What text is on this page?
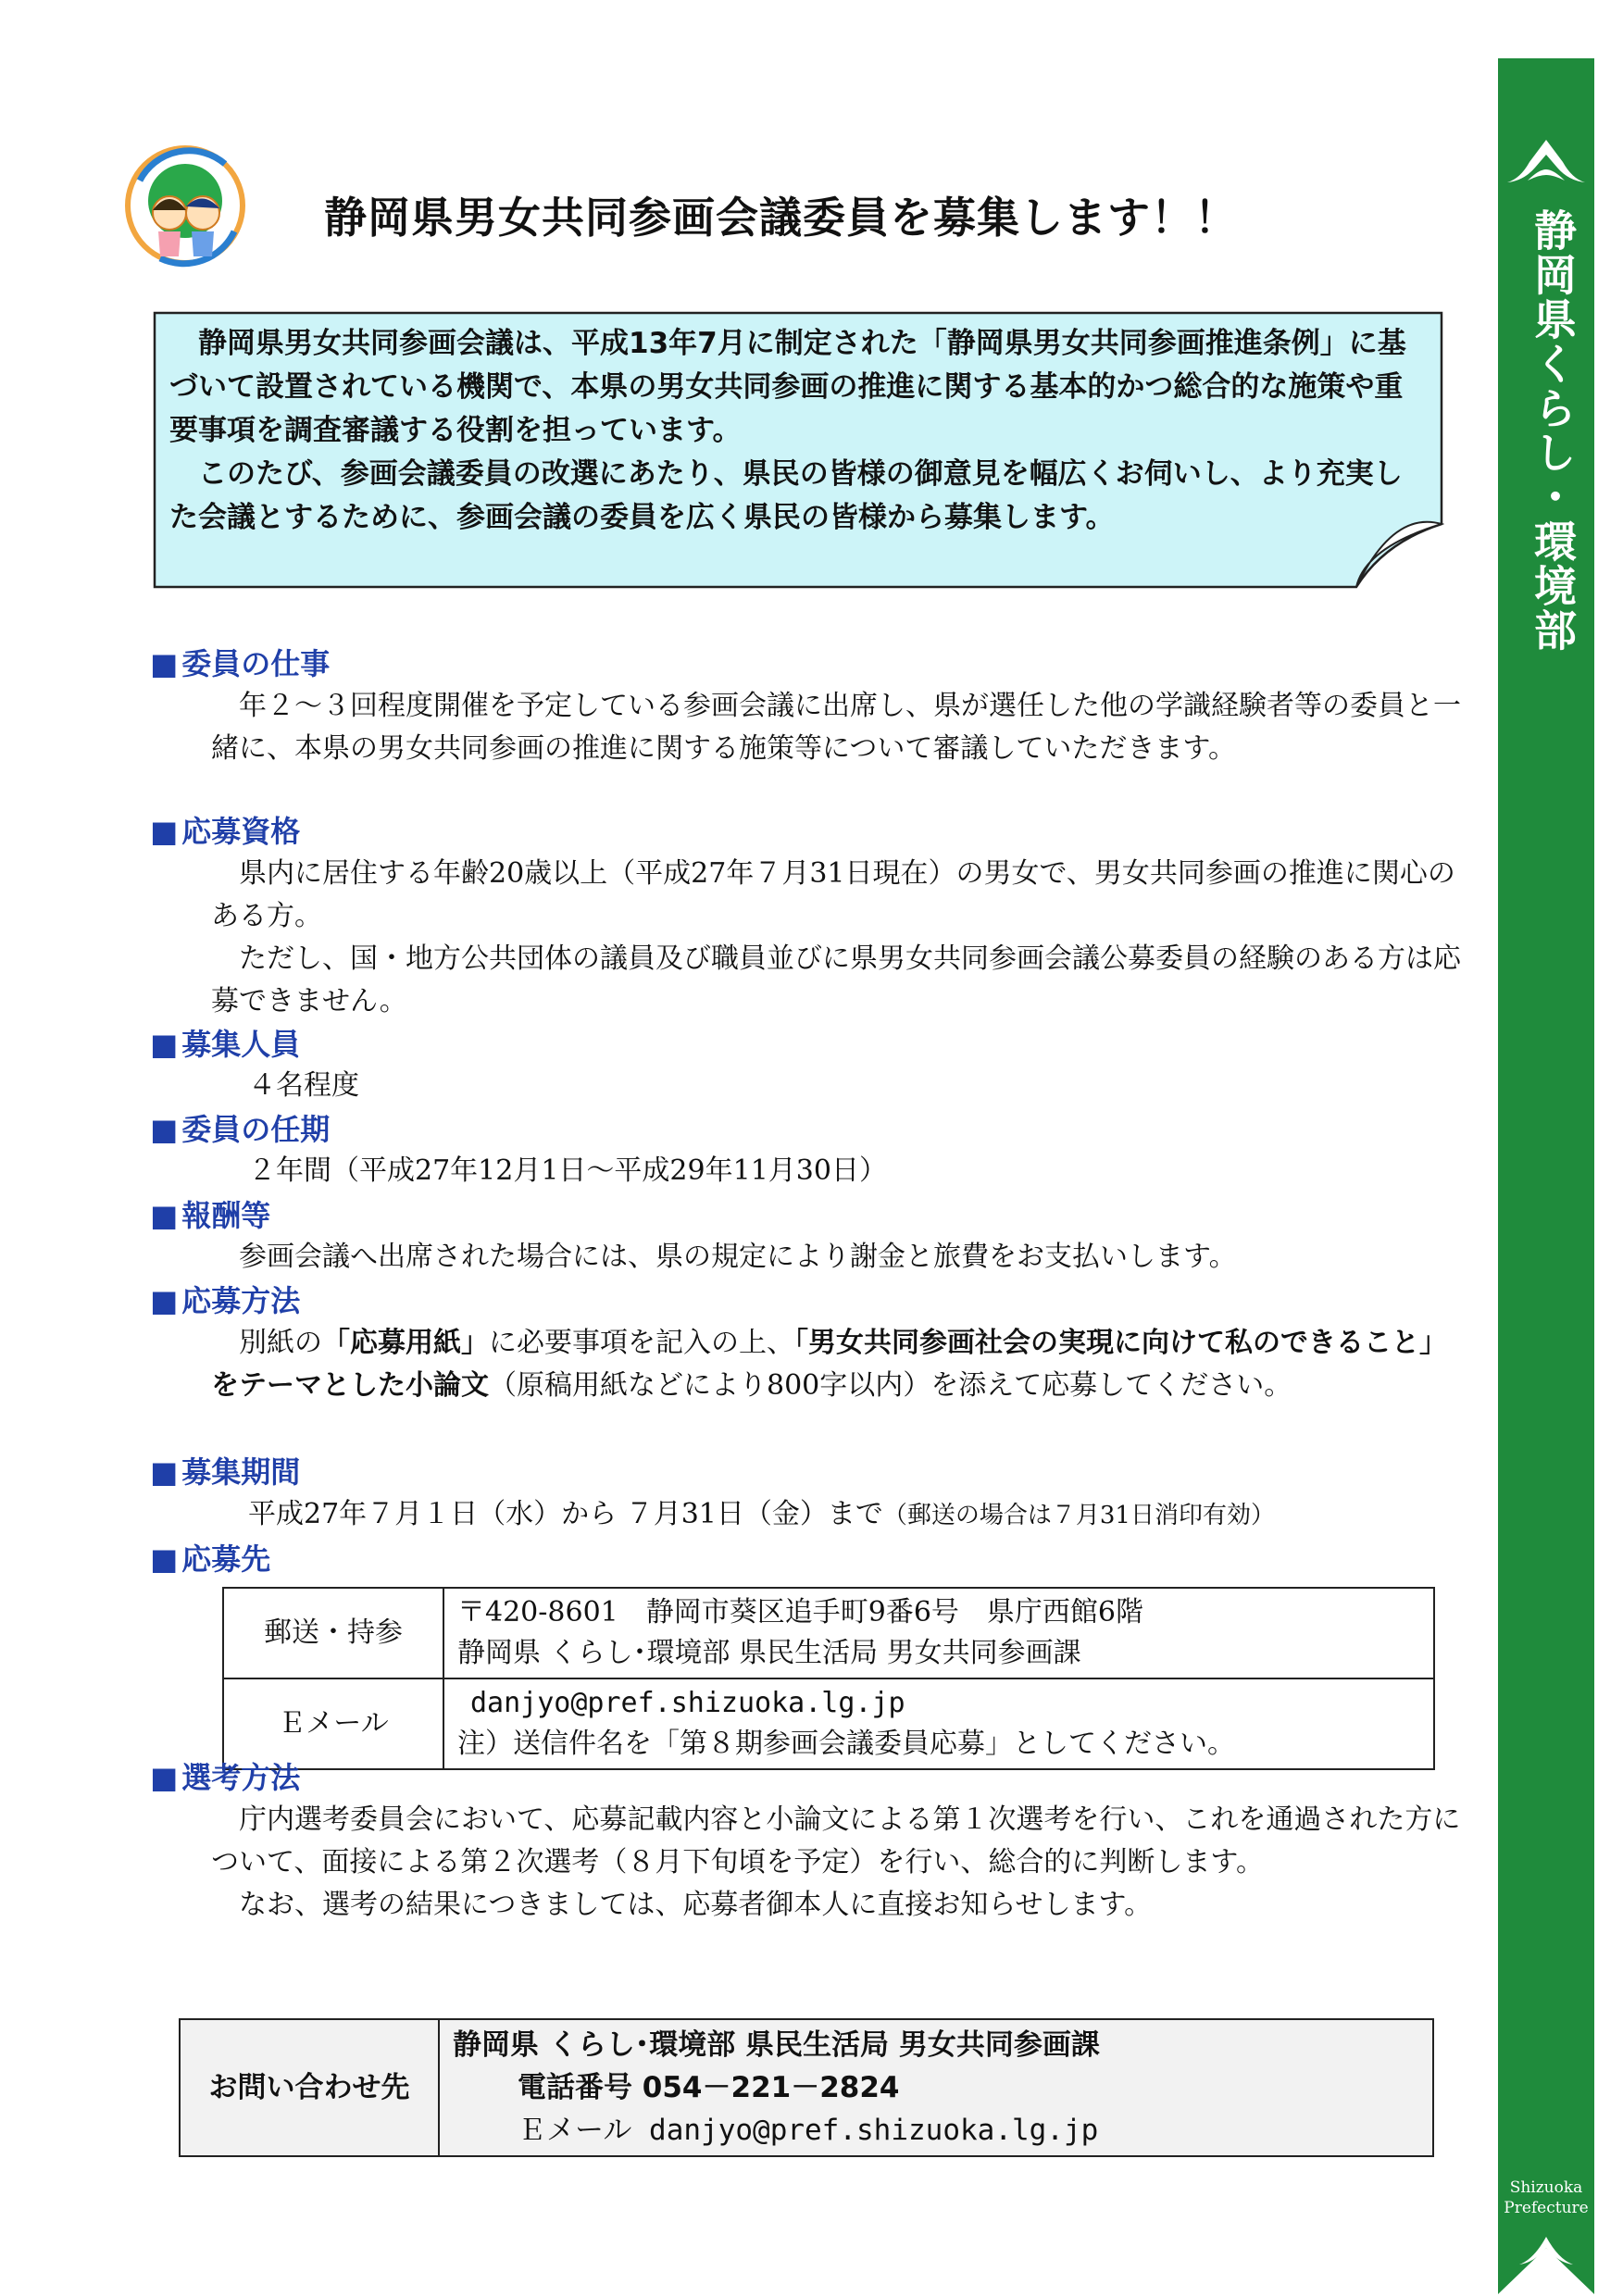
静岡県男女共同参画会議委員を募集します！！

静岡県男女共同参画会議は、平成13年7月に制定された「静岡県男女共同参画推進条例」に基づいて設置されている機関で、本県の男女共同参画の推進に関する基本的かつ総合的な施策や重要事項を調査審議する役割を担っています。

このたび、参画会議委員の改選にあたり、県民の皆様の御意見を幅広くお伺いし、より充実した会議とするために、参画会議の委員を広く県民の皆様から募集します。	静岡県くらし・環境部
Shizuoka
Prefecture
■ 委員の仕事

年２～３回程度開催を予定している参画会議に出席し、県が選任した他の学識経験者等の委員と一緒に、本県の男女共同参画の推進に関する施策等について審議していただきます。

■ 応募資格

県内に居住する年齢20歳以上（平成27年７月31日現在）の男女で、男女共同参画の推進に関心のある方。

ただし、国・地方公共団体の議員及び職員並びに県男女共同参画会議公募委員の経験のある方は応募できません。

■ 募集人員

４名程度

■ 委員の任期

２年間（平成27年12月1日～平成29年11月30日）

■ 報酬等

参画会議へ出席された場合には、県の規定により謝金と旅費をお支払いします。

■ 応募方法

別紙の「応募用紙」に必要事項を記入の上、「男女共同参画社会の実現に向けて私のできること」をテーマとした小論文（原稿用紙などにより800字以内）を添えて応募してください。

■ 募集期間

平成27年７月１日（水）から ７月31日（金）まで（郵送の場合は７月31日消印有効）

■ 応募先
郵送・持参	〒420-8601　静岡市葵区追手町9番6号　県庁西館6階
静岡県 くらし･環境部 県民生活局 男女共同参画課

Ｅメール	danjyo@pref.shizuoka.lg.jp
注）送信件名を「第８期参画会議委員応募」としてください。
■ 選考方法

庁内選考委員会において、応募記載内容と小論文による第１次選考を行い、これを通過された方について、面接による第２次選考（８月下旬頃を予定）を行い、総合的に判断します。

なお、選考の結果につきましては、応募者御本人に直接お知らせします。

お問い合わせ先	
静岡県 くらし･環境部 県民生活局 男女共同参画課
電話番号 054－221－2824
Ｅメール danjyo@pref.shizuoka.lg.jp
